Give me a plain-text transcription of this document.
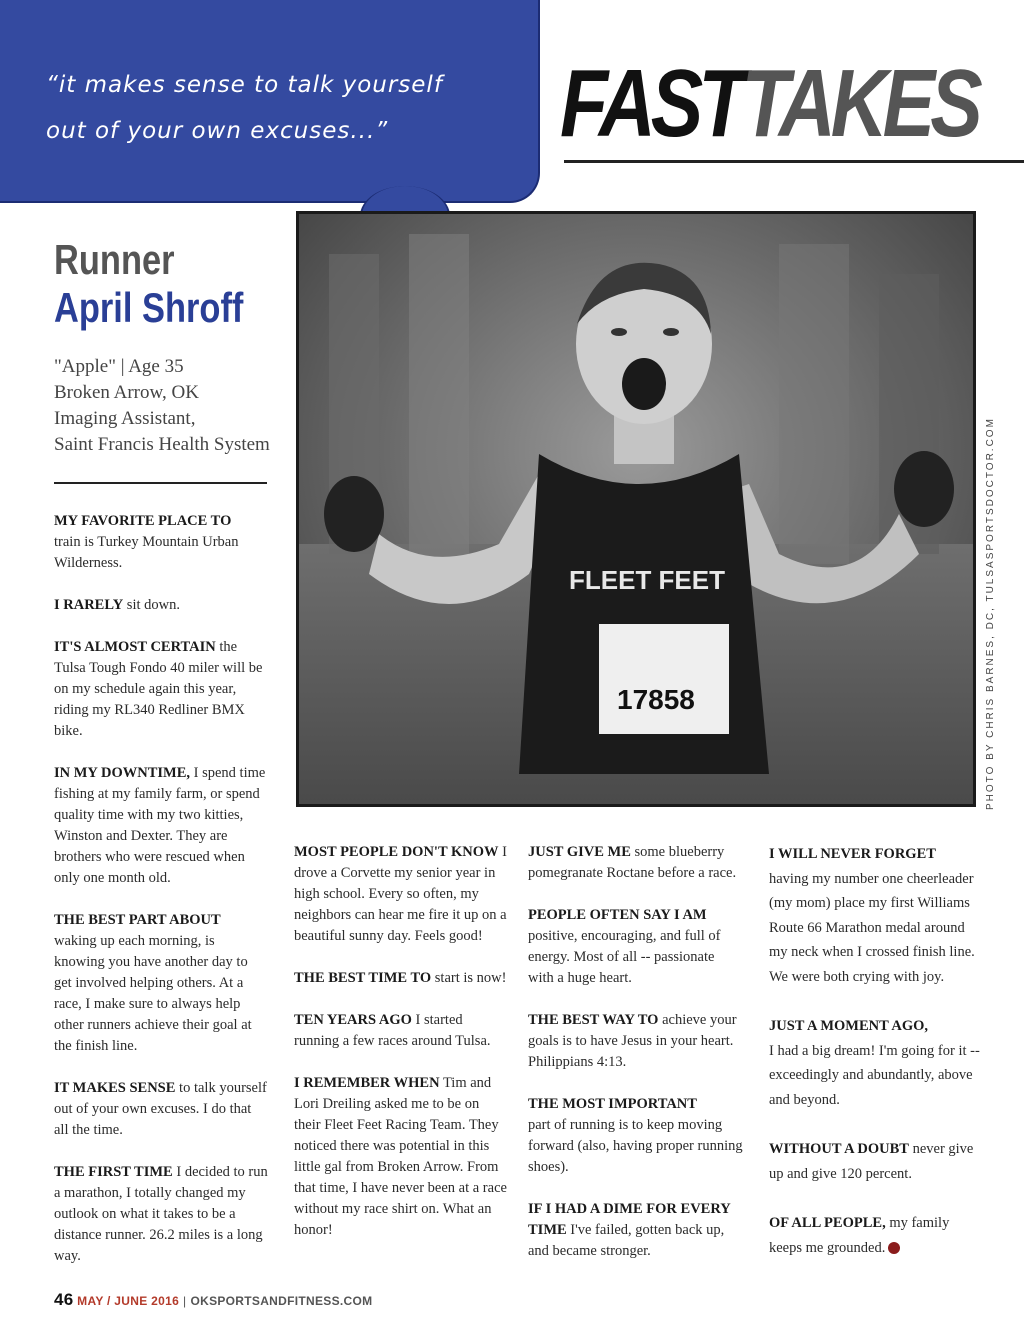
“it makes sense to talk yourself
out of your own excuses...”	FASTTAKES
Runner
April Shroff
"Apple" | Age 35
Broken Arrow, OK
Imaging Assistant,
Saint Francis Health System
FLEET FEET
17858	PHOTO BY CHRIS BARNES, DC, TULSASPORTSDOCTOR.COM

MY FAVORITE PLACE TO
train is Turkey Mountain Urban Wilderness.

I RARELY sit down.

IT'S ALMOST CERTAIN the Tulsa Tough Fondo 40 miler will be on my schedule again this year, riding my RL340 Redliner BMX bike.

IN MY DOWNTIME, I spend time fishing at my family farm, or spend quality time with my two kitties, Winston and Dexter. They are brothers who were rescued when only one month old.

THE BEST PART ABOUT
waking up each morning, is knowing you have another day to get involved helping others. At a race, I make sure to always help other runners achieve their goal at the finish line.

IT MAKES SENSE to talk yourself out of your own excuses. I do that all the time.

THE FIRST TIME I decided to run a marathon, I totally changed my outlook on what it takes to be a distance runner. 26.2 miles is a long way.

MOST PEOPLE DON'T KNOW I drove a Corvette my senior year in high school. Every so often, my neighbors can hear me fire it up on a beautiful sunny day. Feels good!

THE BEST TIME TO start is now!

TEN YEARS AGO I started running a few races around Tulsa.

I REMEMBER WHEN Tim and Lori Dreiling asked me to be on their Fleet Feet Racing Team. They noticed there was potential in this little gal from Broken Arrow. From that time, I have never been at a race without my race shirt on. What an honor!

JUST GIVE ME some blueberry pomegranate Roctane before a race.

PEOPLE OFTEN SAY I AM
positive, encouraging, and full of energy. Most of all -- passionate with a huge heart.

THE BEST WAY TO achieve your goals is to have Jesus in your heart. Philippians 4:13.

THE MOST IMPORTANT
part of running is to keep moving forward (also, having proper running shoes).

IF I HAD A DIME FOR EVERY TIME I've failed, gotten back up, and became stronger.

I WILL NEVER FORGET
having my number one cheerleader (my mom) place my first Williams Route 66 Marathon medal around my neck when I crossed finish line. We were both crying with joy.

JUST A MOMENT AGO,
I had a big dream! I'm going for it -- exceedingly and abundantly, above and beyond.

WITHOUT A DOUBT never give up and give 120 percent.

OF ALL PEOPLE, my family keeps me grounded.

46 MAY / JUNE 2016 | OKSPORTSANDFITNESS.COM
